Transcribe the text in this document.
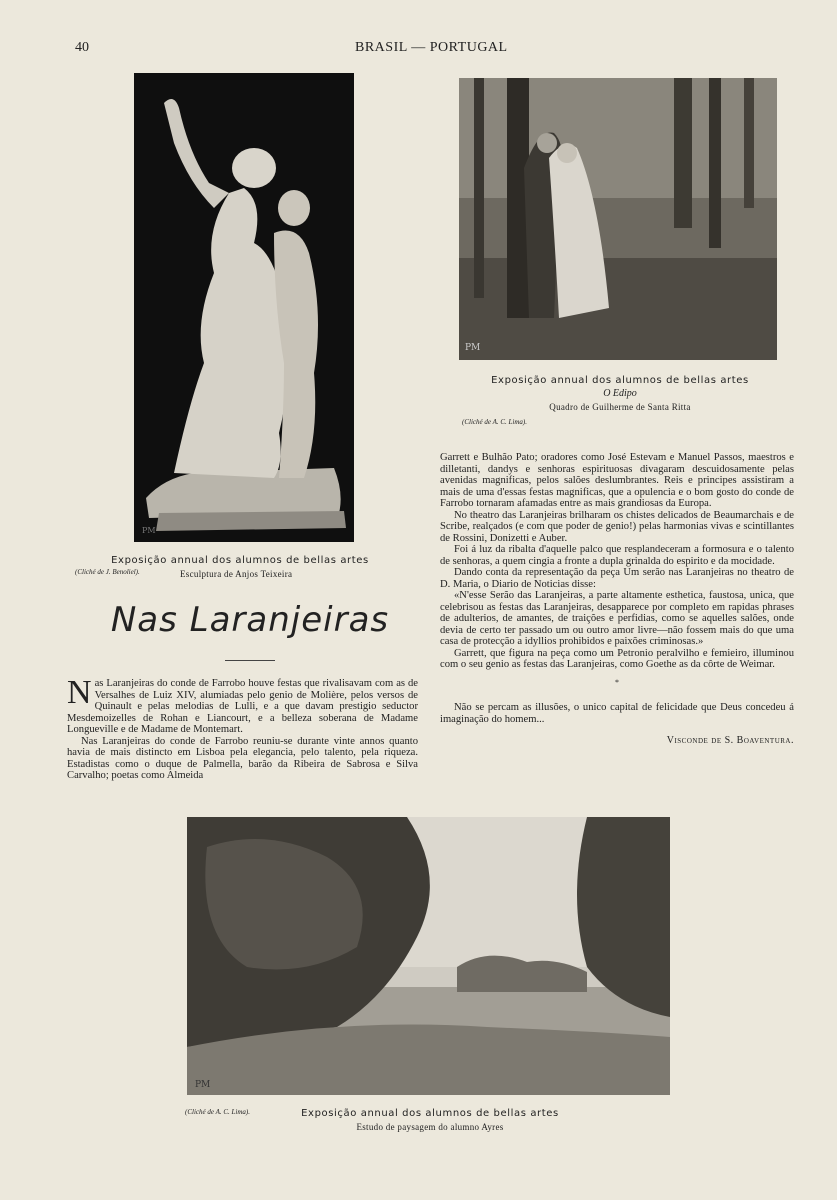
40	BRASIL — PORTUGAL
PM
Exposição annual dos alumnos de bellas artes
(Cliché de J. Benoliel).	Esculptura de Anjos Teixeira
PM
Exposição annual dos alumnos de bellas artes
O Edipo
Quadro de Guilherme de Santa Ritta
(Cliché de A. C. Lima).
Nas Laranjeiras

Nas Laranjeiras do conde de Farrobo houve festas que rivalisavam com as de Versalhes de Luiz XIV, alumiadas pelo genio de Molière, pelos versos de Quinault e pelas melodias de Lulli, e a que davam prestigio seductor Mesdemoizelles de Rohan e Liancourt, e a belleza soberana de Madame Longueville e de Madame de Montemart.

Nas Laranjeiras do conde de Farrobo reuniu-se durante vinte annos quanto havia de mais distincto em Lisboa pela elegancia, pelo talento, pela riqueza. Estadistas como o duque de Palmella, barão da Ribeira de Sabrosa e Silva Carvalho; poetas como Almeida

Garrett e Bulhão Pato; oradores como José Estevam e Manuel Passos, maestros e dilletanti, dandys e senhoras espirituosas divagaram descuidosamente pelas avenidas magnificas, pelos salões deslumbrantes. Reis e principes assistiram a mais de uma d'essas festas magnificas, que a opulencia e o bom gosto do conde de Farrobo tornaram afamadas entre as mais grandiosas da Europa.

No theatro das Laranjeiras brilharam os chistes delicados de Beaumarchais e de Scribe, realçados (e com que poder de genio!) pelas harmonias vivas e scintillantes de Rossini, Donizetti e Auber.

Foi á luz da ribalta d'aquelle palco que resplandeceram a formosura e o talento de senhoras, a quem cingia a fronte a dupla grinalda do espirito e da mocidade.

Dando conta da representação da peça Um serão nas Laranjeiras no theatro de D. Maria, o Diario de Noticias disse:

«N'esse Serão das Laranjeiras, a parte altamente esthetica, faustosa, unica, que celebrisou as festas das Laranjeiras, desapparece por completo em rapidas phrases de adulterios, de amantes, de traições e perfidias, como se aquelles salões, onde devia de certo ter passado um ou outro amor livre—não fossem mais do que uma casa de protecção a idyllios prohibidos e paixões criminosas.»

Garrett, que figura na peça como um Petronio peralvilho e femieiro, illuminou com o seu genio as festas das Laranjeiras, como Goethe as da côrte de Weimar.

*

Não se percam as illusões, o unico capital de felicidade que Deus concedeu á imaginação do homem...

Visconde de S. Boaventura.
PM
(Cliché de A. C. Lima).	Exposição annual dos alumnos de bellas artes
Estudo de paysagem do alumno Ayres
